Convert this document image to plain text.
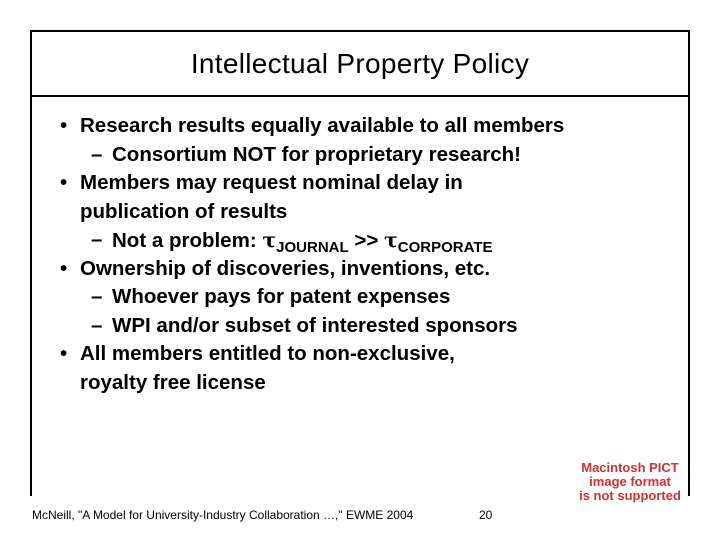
Intellectual Property Policy
• Research results equally available to all members
– Consortium NOT for proprietary research!
• Members may request nominal delay in
publication of results
– Not a problem: $\tau_{JOURNAL} >> \tau_{CORPORATE}$
• Ownership of discoveries, inventions, etc.
– Whoever pays for patent expenses
– WPI and/or subset of interested sponsors
• All members entitled to non-exclusive,
royalty free license
Macintosh PICT
image format
is not supported
McNeill, "A Model for University-Industry Collaboration …," EWME 2004	20
